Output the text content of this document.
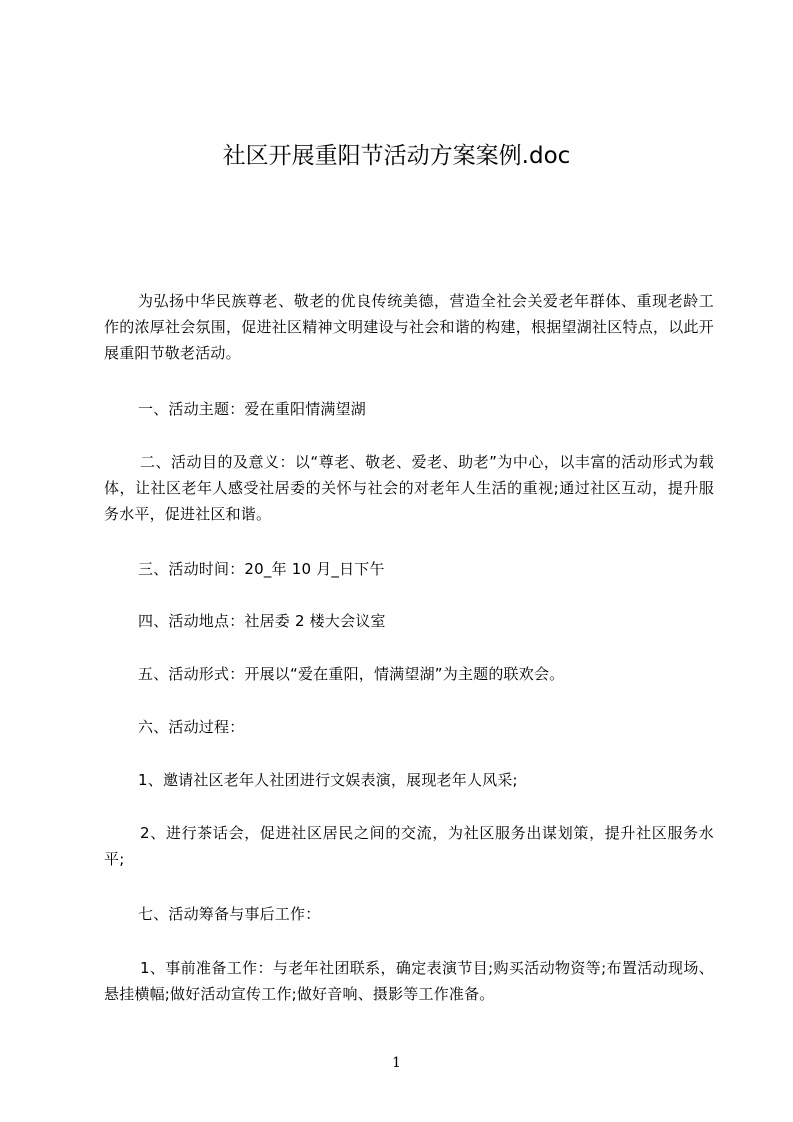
社区开展重阳节活动方案案例.doc

为弘扬中华民族尊老、敬老的优良传统美德，营造全社会关爱老年群体、重现老龄工作的浓厚社会氛围，促进社区精神文明建设与社会和谐的构建，根据望湖社区特点，以此开展重阳节敬老活动。

一、活动主题：爱在重阳情满望湖

二、活动目的及意义：以“尊老、敬老、爱老、助老”为中心，以丰富的活动形式为载体，让社区老年人感受社居委的关怀与社会的对老年人生活的重视;通过社区互动，提升服务水平，促进社区和谐。

三、活动时间：20_年 10 月_日下午

四、活动地点：社居委 2 楼大会议室

五、活动形式：开展以“爱在重阳，情满望湖”为主题的联欢会。

六、活动过程：

1、邀请社区老年人社团进行文娱表演，展现老年人风采;

2、进行茶话会，促进社区居民之间的交流，为社区服务出谋划策，提升社区服务水平;

七、活动筹备与事后工作：

1、事前准备工作：与老年社团联系，确定表演节目;购买活动物资等;布置活动现场、悬挂横幅;做好活动宣传工作;做好音响、摄影等工作准备。

1
